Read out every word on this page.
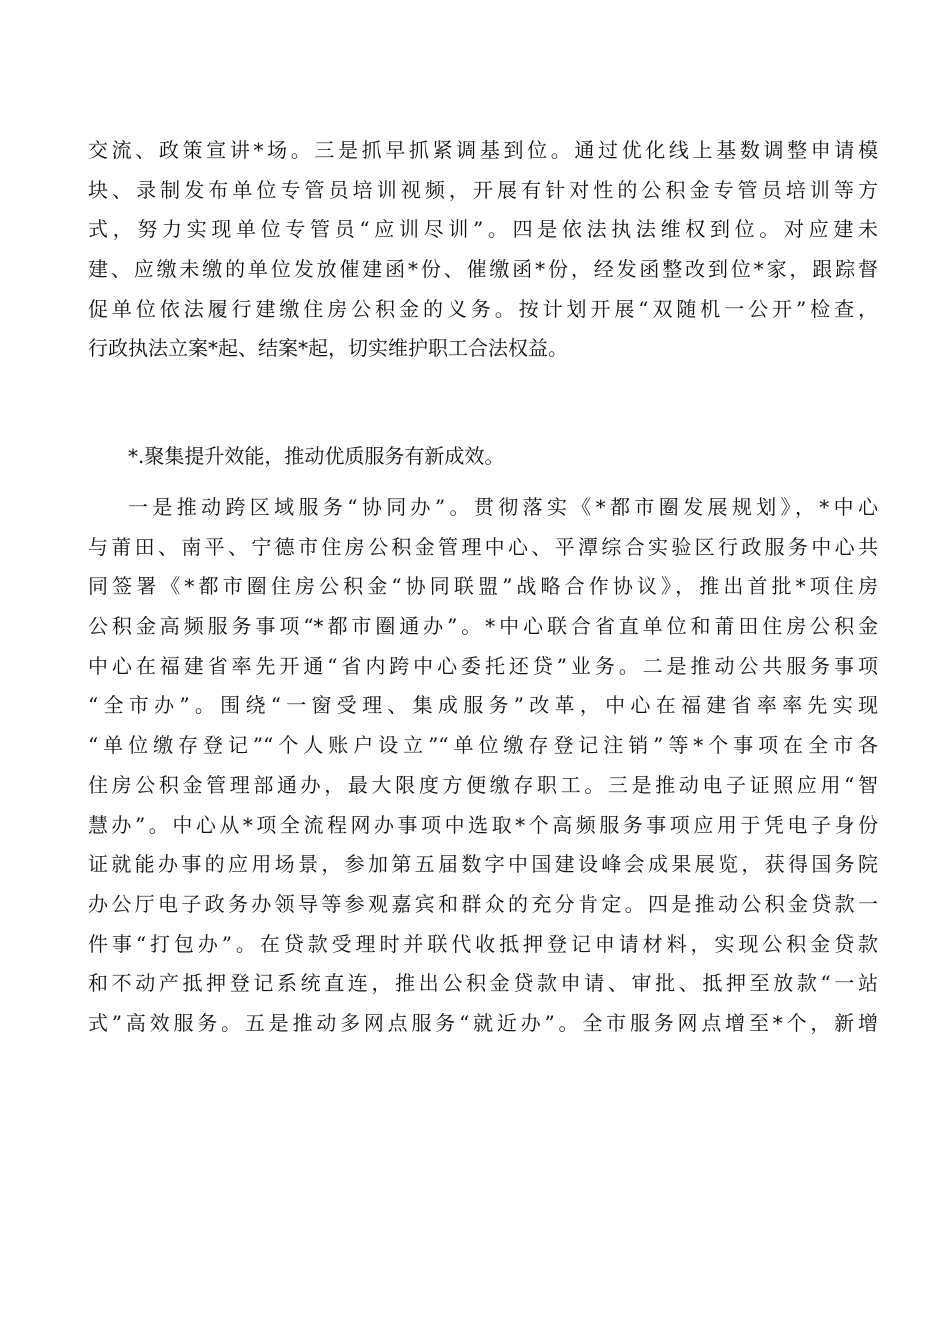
交流、政策宣讲*场。三是抓早抓紧调基到位。通过优化线上基数调整申请模
块、录制发布单位专管员培训视频，开展有针对性的公积金专管员培训等方
式，努力实现单位专管员“应训尽训”。四是依法执法维权到位。对应建未
建、应缴未缴的单位发放催建函*份、催缴函*份，经发函整改到位*家，跟踪督
促单位依法履行建缴住房公积金的义务。按计划开展“双随机一公开”检查，
行政执法立案*起、结案*起，切实维护职工合法权益。
*.聚集提升效能，推动优质服务有新成效。
一是推动跨区域服务“协同办”。贯彻落实《*都市圈发展规划》，*中心
与莆田、南平、宁德市住房公积金管理中心、平潭综合实验区行政服务中心共
同签署《*都市圈住房公积金“协同联盟”战略合作协议》，推出首批*项住房
公积金高频服务事项“*都市圈通办”。*中心联合省直单位和莆田住房公积金
中心在福建省率先开通“省内跨中心委托还贷”业务。二是推动公共服务事项
“全市办”。围绕“一窗受理、集成服务”改革，中心在福建省率率先实现
“单位缴存登记”“个人账户设立”“单位缴存登记注销”等*个事项在全市各
住房公积金管理部通办，最大限度方便缴存职工。三是推动电子证照应用“智
慧办”。中心从*项全流程网办事项中选取*个高频服务事项应用于凭电子身份
证就能办事的应用场景，参加第五届数字中国建设峰会成果展览，获得国务院
办公厅电子政务办领导等参观嘉宾和群众的充分肯定。四是推动公积金贷款一
件事“打包办”。在贷款受理时并联代收抵押登记申请材料，实现公积金贷款
和不动产抵押登记系统直连，推出公积金贷款申请、审批、抵押至放款“一站
式”高效服务。五是推动多网点服务“就近办”。全市服务网点增至*个，新增
